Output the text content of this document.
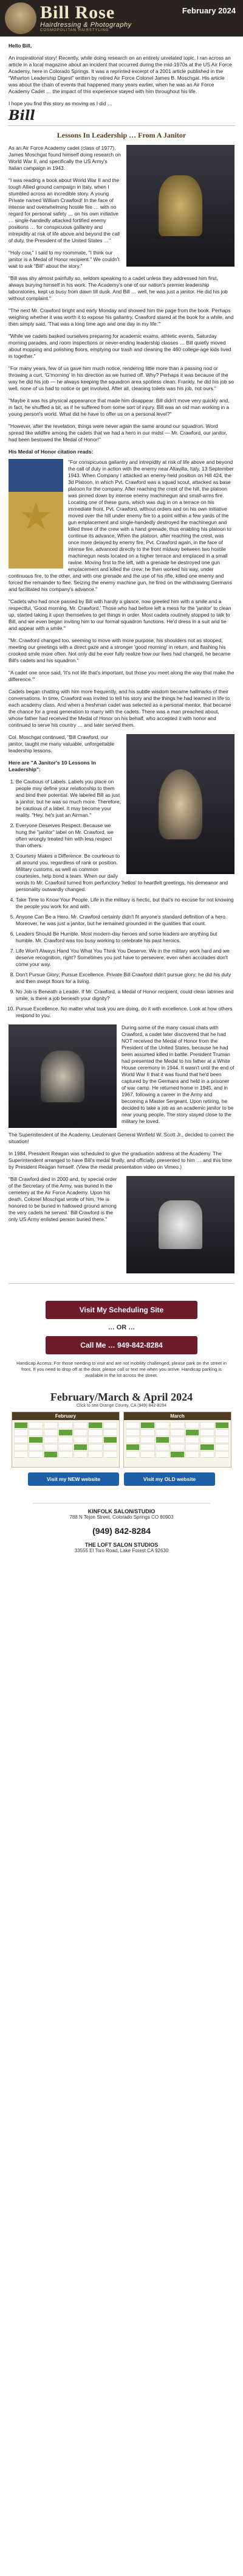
Bill Rose
Hairdressing & Photography
COSMOPOLITAN HAIRSTYLING
February 2024

Hello Bill,

An inspirational story! Recently, while doing research on an entirely unrelated topic, I ran across an article in a local magazine about an incident that occurred during the mid-1970s at the US Air Force Academy, here in Colorado Springs. It was a reprinted excerpt of a 2001 article published in the "Wharton Leadership Digest" written by retired Air Force Colonel James B. Moschgat. His article was about the chain of events that happened many years earlier, when he was an Air Force Academy Cadet … the impact of this experience stayed with him throughout his life.

I hope you find this story as moving as I did …

Bill
Lessons In Leadership … From A Janitor

As an Air Force Academy cadet (class of 1977), James Moschgat found himself doing research on World War II, and specifically the US Army's Italian campaign in 1943.

"I was reading a book about World War II and the tough Allied ground campaign in Italy, when I stumbled across an incredible story. A young Private named William Crawford! In the face of intense and overwhelming hostile fire … with no regard for personal safety … on his own initiative … single-handedly attacked fortified enemy positions … for conspicuous gallantry and intrepidity at risk of life above and beyond the call of duty, the President of the United States …"

"Holy cow," I said to my roommate, "I think our janitor is a Medal of Honor recipient." We couldn't wait to ask "Bill" about the story."

"Bill was shy almost painfully so, seldom speaking to a cadet unless they addressed him first, always burying himself in his work. The Academy's one of our nation's premier leadership laboratories, kept us busy from dawn till dusk. And Bill … well, he was just a janitor. He did his job without complaint."

"The next Mr. Crawford bright and early Monday and showed him the page from the book. Perhaps weighing whether it was worth it to expose his gallantry, Crawford stared at the book for a while, and then simply said, 'That was a long time ago and one day in my life.'"

"While we cadets basked ourselves preparing for academic exams, athletic events, Saturday morning parades, and room inspections or never-ending leadership classes … Bill quietly moved about mopping and polishing floors, emptying our trash and cleaning the 460 college-age kids lived in together."

"For many years, few of us gave him much notice, rendering little more than a passing nod or throwing a curt, 'G'morning' in his direction as we hurried off. Why? Perhaps it was because of the way he did his job — he always keeping the squadron area spotless clean. Frankly, he did his job so well, none of us had to notice or get involved. After all, cleaning toilets was his job, not ours."

"Maybe it was his physical appearance that made him disappear. Bill didn't move very quickly and, in fact, he shuffled a bit, as if he suffered from some sort of injury. Bill was an old man working in a young person's world. What did he have to offer us on a personal level?"

"However, after the revelation, things were never again the same around our squadron. Word spread like wildfire among the cadets that we had a hero in our midst — Mr. Crawford, our janitor, had been bestowed the Medal of Honor!"

His Medal of Honor citation reads:

"For conspicuous gallantry and intrepidity at risk of life above and beyond the call of duty in action with the enemy near Altavilla, Italy, 13 September 1943. When Company I attacked an enemy-held position on Hill 424, the 3d Platoon, in which Pvt. Crawford was a squad scout, attacked as base platoon for the company. After reaching the crest of the hill, the platoon was pinned down by intense enemy machinegun and small-arms fire. Locating one of these guns, which was dug in on a terrace on his immediate front, Pvt. Crawford, without orders and on his own initiative moved over the hill under enemy fire to a point within a few yards of the gun emplacement and single-handedly destroyed the machinegun and killed three of the crew with a hand grenade, thus enabling his platoon to continue its advance. When the platoon, after reaching the crest, was once more delayed by enemy fire, Pvt. Crawford again, in the face of intense fire, advanced directly to the front midway between two hostile machinegun nests located on a higher terrace and emplaced in a small ravine. Moving first to the left, with a grenade he destroyed one gun emplacement and killed the crew; he then worked his way, under continuous fire, to the other, and with one grenade and the use of his rifle, killed one enemy and forced the remainder to flee. Seizing the enemy machine gun, he fired on the withdrawing Germans and facilitated his company's advance."

"Cadets who had once passed by Bill with hardly a glance, now greeted him with a smile and a respectful, 'Good morning, Mr. Crawford.' Those who had before left a mess for the 'janitor' to clean up, started taking it upon themselves to get things in order. Most cadets routinely stopped to talk to Bill, and we even began inviting him to our formal squadron functions. He'd dress in a suit and tie and appear with a smile."

"Mr. Crawford changed too, seeming to move with more purpose, his shoulders not as stooped, meeting our greetings with a direct gaze and a stronger 'good morning' in return, and flashing his crooked smile more often. Not only did he ever fully realize how our lives had changed, he became Bill's cadets and his squadron."

"A cadet one once said, 'It's not life that's important, but those you meet along the way that make the difference.'"

Cadets began chatting with him more frequently, and his subtle wisdom became hallmarks of their conversations. In time, Crawford was invited to tell his story and the things he had learned in life to each academy class. And when a freshman cadet was selected as a personal mentor, that became the chance for a great generation to marry with the cadets. There was a man preached about, whose father had received the Medal of Honor on his behalf, who accepted it with honor and continued to serve his country … and later served them.

Col. Moschgat continued, "Bill Crawford, our janitor, taught me many valuable, unforgettable leadership lessons.

Here are "A Janitor's 10 Lessons In Leadership":

1. Be Cautious of Labels. Labels you place on people may define your relationship to them and bind their potential. We labeled Bill as just a janitor, but he was so much more. Therefore, be cautious of a label. It may become your reality. "Hey, he's just an Airman."
2. Everyone Deserves Respect. Because we hung the "janitor" label on Mr. Crawford, we often wrongly treated him with less respect than others.
3. Courtesy Makes a Difference. Be courteous to all around you, regardless of rank or position. Military customs, as well as common courtesies, help bond a team. When our daily words to Mr. Crawford turned from perfunctory 'hellos' to heartfelt greetings, his demeanor and personality outwardly changed.
4. Take Time to Know Your People. Life in the military is hectic, but that's no excuse for not knowing the people you work for and with.
5. Anyone Can Be a Hero. Mr. Crawford certainly didn't fit anyone's standard definition of a hero. Moreover, he was just a janitor, but he remained grounded in the qualities that count.
6. Leaders Should Be Humble. Most modern-day heroes and some leaders are anything but humble. Mr. Crawford was too busy working to celebrate his past heroics.
7. Life Won't Always Hand You What You Think You Deserve. We in the military work hard and we deserve recognition, right? Sometimes you just have to persevere, even when accolades don't come your way.
8. Don't Pursue Glory; Pursue Excellence. Private Bill Crawford didn't pursue glory; he did his duty and then swept floors for a living.
9. No Job is Beneath a Leader. If Mr. Crawford, a Medal of Honor recipient, could clean latrines and smile, is there a job beneath your dignity?
10. Pursue Excellence. No matter what task you are doing, do it with excellence. Look at how others respond to you.

During some of the many casual chats with Crawford, a cadet later discovered that he had NOT received the Medal of Honor from the President of the United States, because he had been assumed killed in battle. President Truman had presented the Medal to his father at a White House ceremony in 1944. It wasn't until the end of World War II that it was found that he'd been captured by the Germans and held in a prisoner of war camp. He returned home in 1945, and in 1967, following a career in the Army and becoming a Master Sergeant. Upon retiring, he decided to take a job as an academic janitor to be near young people. The story stayed close to the military he loved.

The Superintendent of the Academy, Lieutenant General Winfield W. Scott Jr., decided to correct the situation!

In 1984, President Reagan was scheduled to give the graduation address at the Academy. The Superintendent arranged to have Bill's medal finally, and officially, presented to him … and this time by President Reagan himself. (View the medal presentation video on Vimeo.)

"Bill Crawford died in 2000 and, by special order of the Secretary of the Army, was buried in the cemetery at the Air Force Academy. Upon his death, Colonel Moschgat wrote of him, 'He is honored to be buried in hallowed ground among the very cadets he served.' Bill Crawford is the only US Army enlisted person buried there."

Visit My Scheduling Site
… OR …
Call Me … 949-842-8284
Handicap Access: For those needing to visit and are not mobility challenged, please park on the street in front. If you need to drop off at the door, please call or text me when you arrive. Handicap parking is available in the lot across the street.
February/March & April 2024
Click to see Orange County, CA (949) 842-8284
February	March
Visit my NEW website	Visit my OLD website
KINFOLK SALON/STUDIO
788 N Tejon Street, Colorado Springs CO 80903
(949) 842-8284
THE LOFT SALON STUDIOS
33555 El Toro Road, Lake Forest CA 92630
